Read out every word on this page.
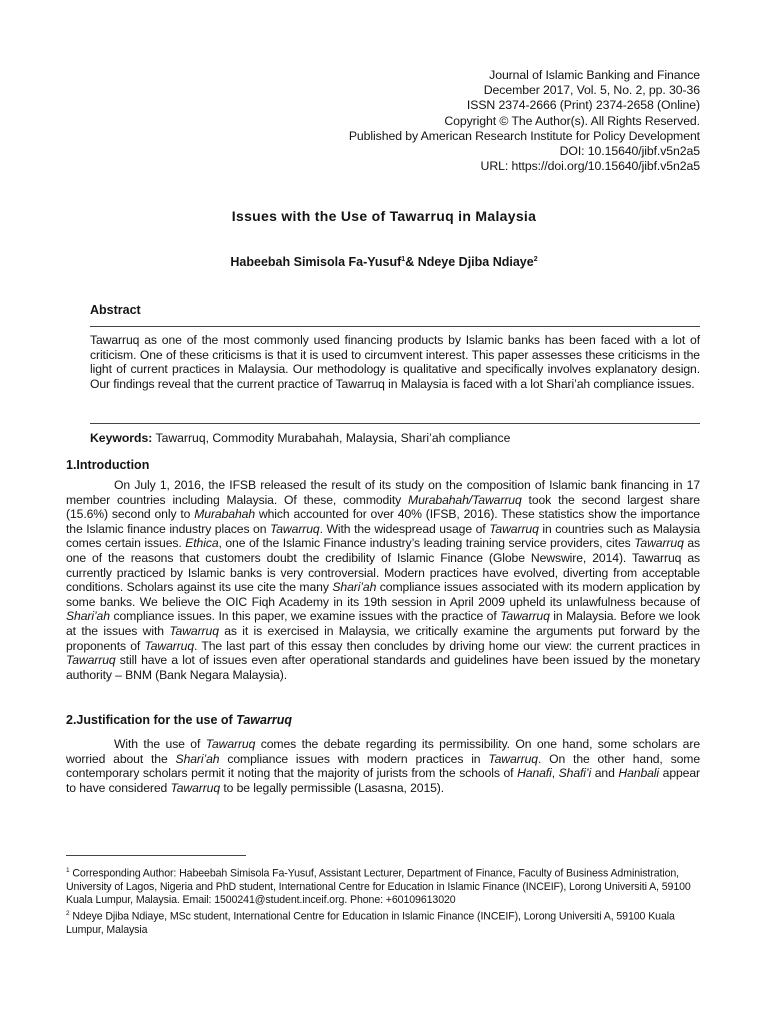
Journal of Islamic Banking and Finance
December 2017, Vol. 5, No. 2, pp. 30-36
ISSN 2374-2666 (Print) 2374-2658 (Online)
Copyright © The Author(s). All Rights Reserved.
Published by American Research Institute for Policy Development
DOI: 10.15640/jibf.v5n2a5
URL: https://doi.org/10.15640/jibf.v5n2a5
Issues with the Use of Tawarruq in Malaysia
Habeebah Simisola Fa-Yusuf$^1$& Ndeye Djiba Ndiaye$^2$
Abstract
Tawarruq as one of the most commonly used financing products by Islamic banks has been faced with a lot of criticism. One of these criticisms is that it is used to circumvent interest. This paper assesses these criticisms in the light of current practices in Malaysia. Our methodology is qualitative and specifically involves explanatory design. Our findings reveal that the current practice of Tawarruq in Malaysia is faced with a lot Shari’ah compliance issues.
Keywords: Tawarruq, Commodity Murabahah, Malaysia, Shari’ah compliance
1.Introduction

On July 1, 2016, the IFSB released the result of its study on the composition of Islamic bank financing in 17 member countries including Malaysia. Of these, commodity Murabahah/Tawarruq took the second largest share (15.6%) second only to Murabahah which accounted for over 40% (IFSB, 2016). These statistics show the importance the Islamic finance industry places on Tawarruq. With the widespread usage of Tawarruq in countries such as Malaysia comes certain issues. Ethica, one of the Islamic Finance industry’s leading training service providers, cites Tawarruq as one of the reasons that customers doubt the credibility of Islamic Finance (Globe Newswire, 2014). Tawarruq as currently practiced by Islamic banks is very controversial. Modern practices have evolved, diverting from acceptable conditions. Scholars against its use cite the many Shari’ah compliance issues associated with its modern application by some banks. We believe the OIC Fiqh Academy in its 19th session in April 2009 upheld its unlawfulness because of Shari’ah compliance issues. In this paper, we examine issues with the practice of Tawarruq in Malaysia. Before we look at the issues with Tawarruq as it is exercised in Malaysia, we critically examine the arguments put forward by the proponents of Tawarruq. The last part of this essay then concludes by driving home our view: the current practices in Tawarruq still have a lot of issues even after operational standards and guidelines have been issued by the monetary authority – BNM (Bank Negara Malaysia).

2.Justification for the use of Tawarruq

With the use of Tawarruq comes the debate regarding its permissibility. On one hand, some scholars are worried about the Shari’ah compliance issues with modern practices in Tawarruq. On the other hand, some contemporary scholars permit it noting that the majority of jurists from the schools of Hanafi, Shafi’i and Hanbali appear to have considered Tawarruq to be legally permissible (Lasasna, 2015).

$^1$ Corresponding Author: Habeebah Simisola Fa-Yusuf, Assistant Lecturer, Department of Finance, Faculty of Business Administration, University of Lagos, Nigeria and PhD student, International Centre for Education in Islamic Finance (INCEIF), Lorong Universiti A, 59100 Kuala Lumpur, Malaysia. Email: 1500241@student.inceif.org. Phone: +60109613020
$^2$ Ndeye Djiba Ndiaye, MSc student, International Centre for Education in Islamic Finance (INCEIF), Lorong Universiti A, 59100 Kuala Lumpur, Malaysia
